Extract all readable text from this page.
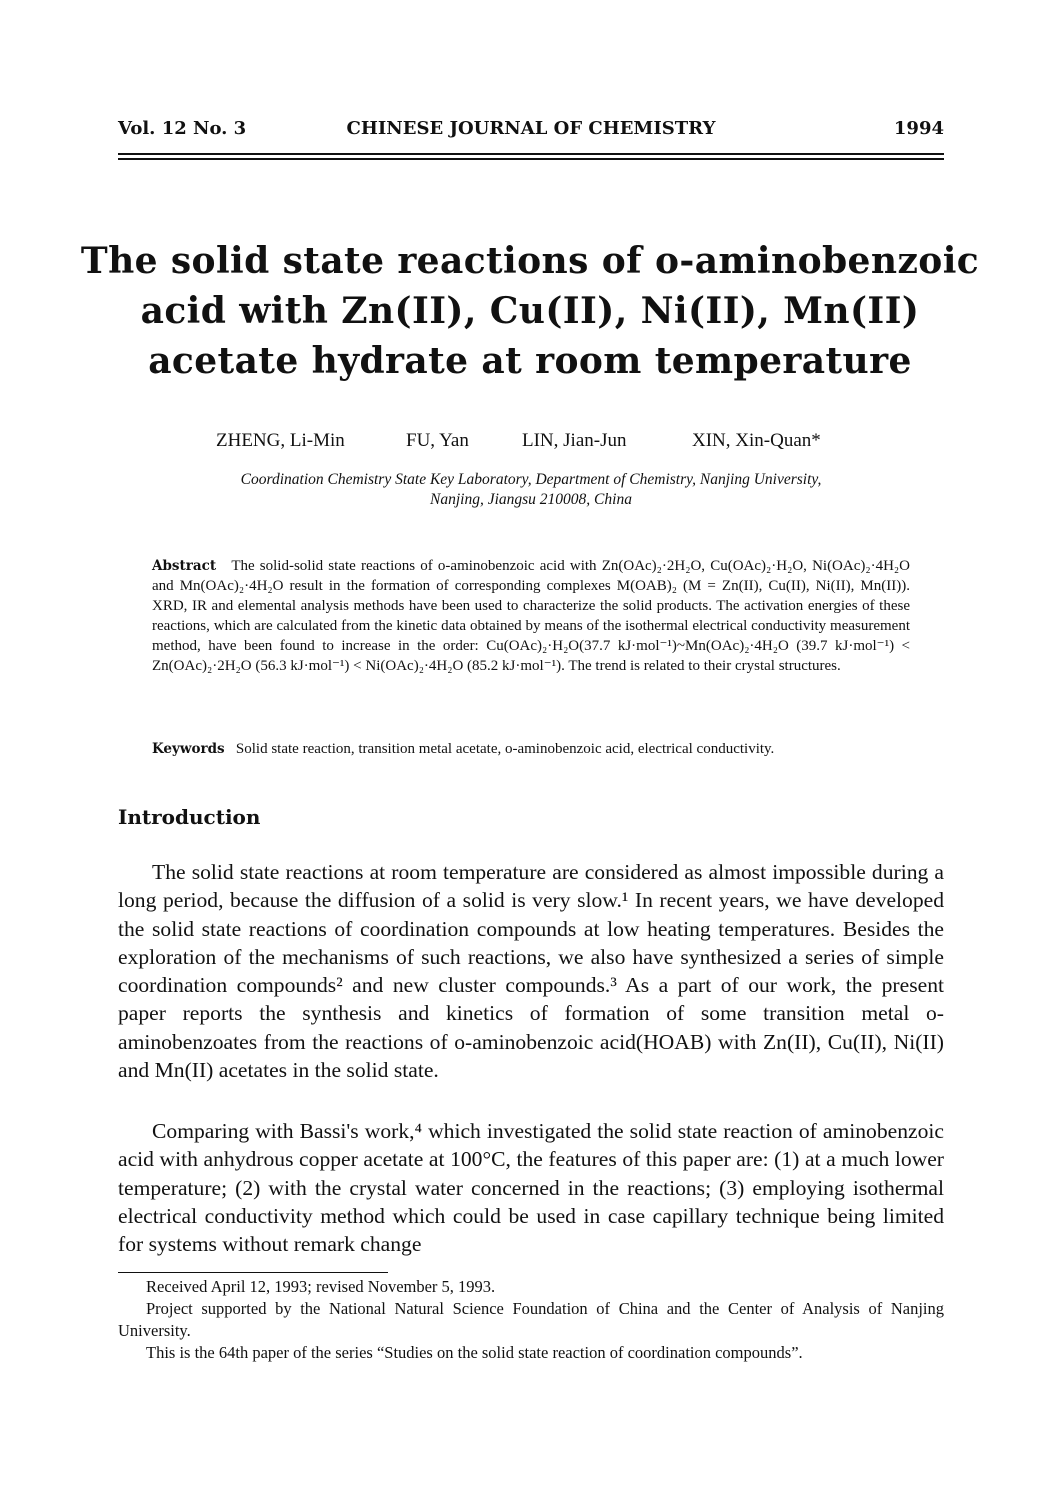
Vol. 12 No. 3	CHINESE JOURNAL OF CHEMISTRY	1994
The solid state reactions of o-aminobenzoic
acid with Zn(II), Cu(II), Ni(II), Mn(II)
acetate hydrate at room temperature
ZHENG, Li-Min	FU, Yan	LIN, Jian-Jun	XIN, Xin-Quan*
Coordination Chemistry State Key Laboratory, Department of Chemistry, Nanjing University,
Nanjing, Jiangsu 210008, China
Abstract The solid-solid state reactions of o-aminobenzoic acid with Zn(OAc)₂·2H₂O, Cu(OAc)₂·H₂O, Ni(OAc)₂·4H₂O and Mn(OAc)₂·4H₂O result in the formation of corresponding complexes M(OAB)₂ (M = Zn(II), Cu(II), Ni(II), Mn(II)). XRD, IR and elemental analysis methods have been used to characterize the solid products. The activation energies of these reactions, which are calculated from the kinetic data obtained by means of the isothermal electrical conductivity measurement method, have been found to increase in the order: Cu(OAc)₂·H₂O(37.7 kJ·mol⁻¹)~Mn(OAc)₂·4H₂O (39.7 kJ·mol⁻¹) < Zn(OAc)₂·2H₂O (56.3 kJ·mol⁻¹) < Ni(OAc)₂·4H₂O (85.2 kJ·mol⁻¹). The trend is related to their crystal structures.
Keywords Solid state reaction, transition metal acetate, o-aminobenzoic acid, electrical conductivity.
Introduction
The solid state reactions at room temperature are considered as almost impossible during a long period, because the diffusion of a solid is very slow.¹ In recent years, we have developed the solid state reactions of coordination compounds at low heating temperatures. Besides the exploration of the mechanisms of such reactions, we also have synthesized a series of simple coordination compounds² and new cluster compounds.³ As a part of our work, the present paper reports the synthesis and kinetics of formation of some transition metal o-aminobenzoates from the reactions of o-aminobenzoic acid(HOAB) with Zn(II), Cu(II), Ni(II) and Mn(II) acetates in the solid state.
Comparing with Bassi's work,⁴ which investigated the solid state reaction of aminobenzoic acid with anhydrous copper acetate at 100°C, the features of this paper are: (1) at a much lower temperature; (2) with the crystal water concerned in the reactions; (3) employing isothermal electrical conductivity method which could be used in case capillary technique being limited for systems without remark change

Received April 12, 1993; revised November 5, 1993.

Project supported by the National Natural Science Foundation of China and the Center of Analysis of Nanjing University.

This is the 64th paper of the series “Studies on the solid state reaction of coordination compounds”.
